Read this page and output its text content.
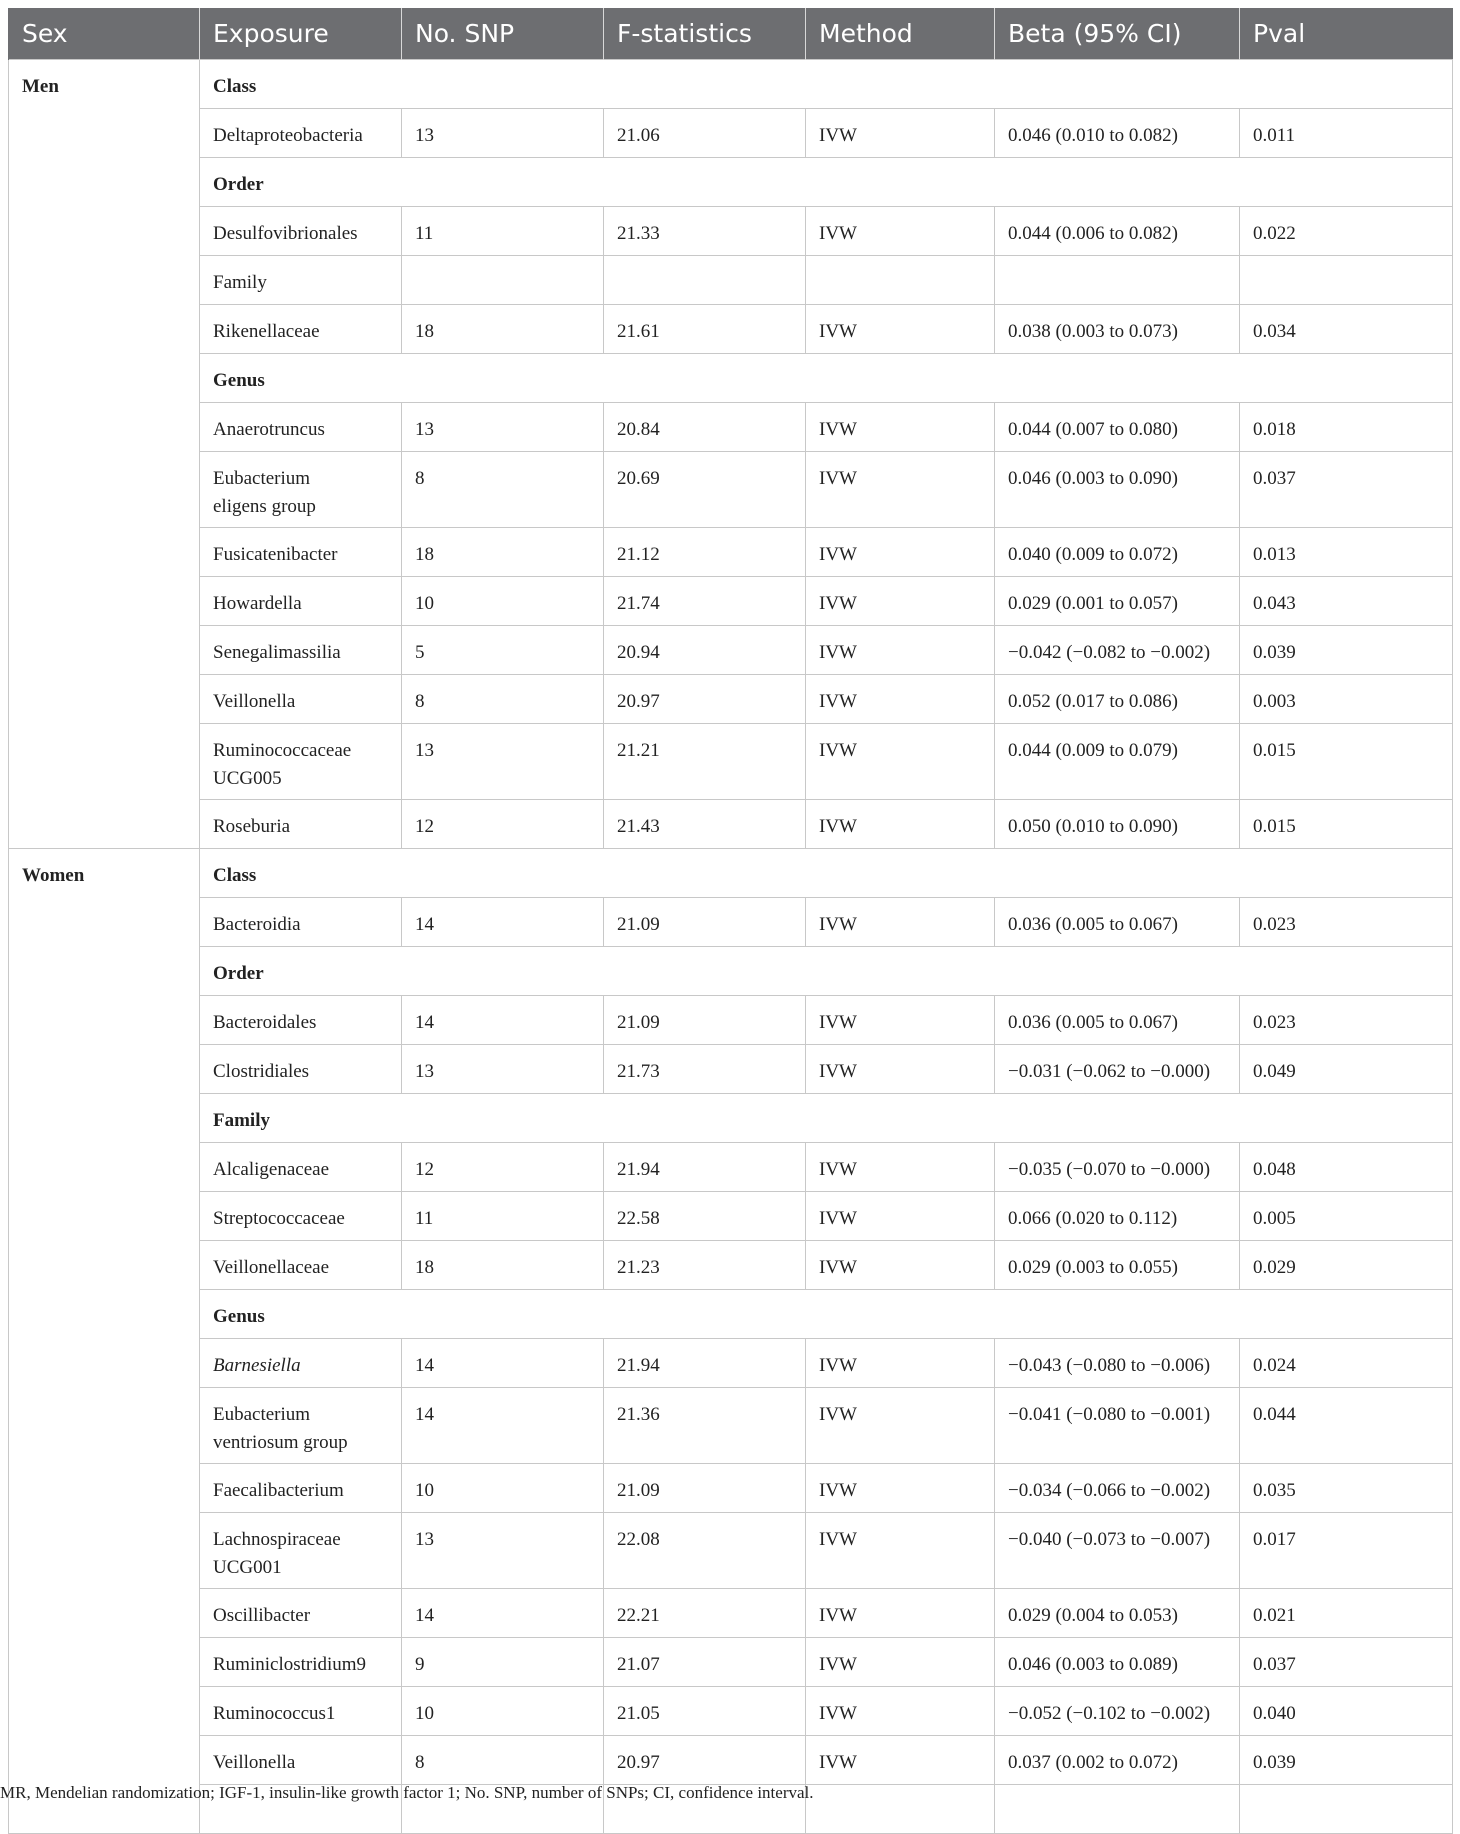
Sex	Exposure	No. SNP	F-statistics	Method	Beta (95% CI)	Pval
Men	Class					
	Deltaproteobacteria	13	21.06	IVW	0.046 (0.010 to 0.082)	0.011
	Order					
	Desulfovibrionales	11	21.33	IVW	0.044 (0.006 to 0.082)	0.022
	Family					
	Rikenellaceae	18	21.61	IVW	0.038 (0.003 to 0.073)	0.034
	Genus					
	Anaerotruncus	13	20.84	IVW	0.044 (0.007 to 0.080)	0.018
	Eubacterium
eligens group	8	20.69	IVW	0.046 (0.003 to 0.090)	0.037
	Fusicatenibacter	18	21.12	IVW	0.040 (0.009 to 0.072)	0.013
	Howardella	10	21.74	IVW	0.029 (0.001 to 0.057)	0.043
	Senegalimassilia	5	20.94	IVW	−0.042 (−0.082 to −0.002)	0.039
	Veillonella	8	20.97	IVW	0.052 (0.017 to 0.086)	0.003
	Ruminococcaceae
UCG005	13	21.21	IVW	0.044 (0.009 to 0.079)	0.015
	Roseburia	12	21.43	IVW	0.050 (0.010 to 0.090)	0.015
Women	Class					
	Bacteroidia	14	21.09	IVW	0.036 (0.005 to 0.067)	0.023
	Order					
	Bacteroidales	14	21.09	IVW	0.036 (0.005 to 0.067)	0.023
	Clostridiales	13	21.73	IVW	−0.031 (−0.062 to −0.000)	0.049
	Family					
	Alcaligenaceae	12	21.94	IVW	−0.035 (−0.070 to −0.000)	0.048
	Streptococcaceae	11	22.58	IVW	0.066 (0.020 to 0.112)	0.005
	Veillonellaceae	18	21.23	IVW	0.029 (0.003 to 0.055)	0.029
	Genus					
	Barnesiella	14	21.94	IVW	−0.043 (−0.080 to −0.006)	0.024
	Eubacterium
ventriosum group	14	21.36	IVW	−0.041 (−0.080 to −0.001)	0.044
	Faecalibacterium	10	21.09	IVW	−0.034 (−0.066 to −0.002)	0.035
	Lachnospiraceae
UCG001	13	22.08	IVW	−0.040 (−0.073 to −0.007)	0.017
	Oscillibacter	14	22.21	IVW	0.029 (0.004 to 0.053)	0.021
	Ruminiclostridium9	9	21.07	IVW	0.046 (0.003 to 0.089)	0.037
	Ruminococcus1	10	21.05	IVW	−0.052 (−0.102 to −0.002)	0.040
	Veillonella	8	20.97	IVW	0.037 (0.002 to 0.072)	0.039

MR, Mendelian randomization; IGF-1, insulin-like growth factor 1; No. SNP, number of SNPs; CI, confidence interval.
